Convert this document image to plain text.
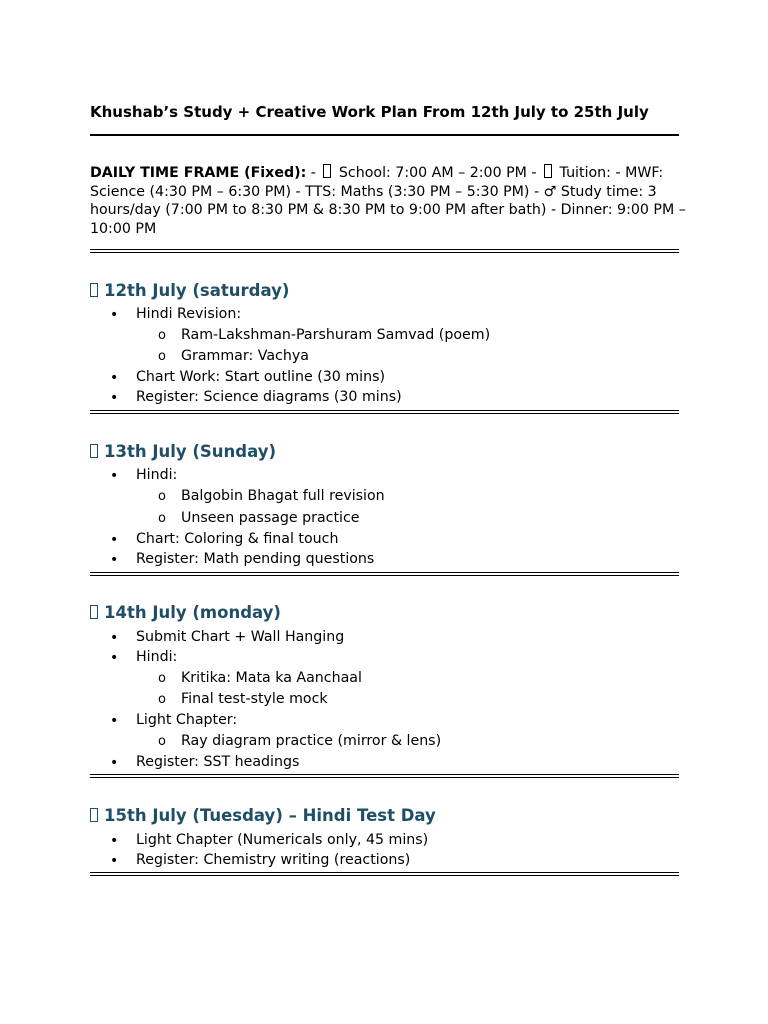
Khushab’s Study + Creative Work Plan From 12th July to 25th July
DAILY TIME FRAME (Fixed): -  School: 7:00 AM – 2:00 PM -  Tuition: - MWF: Science (4:30 PM – 6:30 PM) - TTS: Maths (3:30 PM – 5:30 PM) - ♂ Study time: 3 hours/day (7:00 PM to 8:30 PM & 8:30 PM to 9:00 PM after bath) - Dinner: 9:00 PM – 10:00 PM
12th July (saturday)
• Hindi Revision:
o Ram-Lakshman-Parshuram Samvad (poem)
o Grammar: Vachya
• Chart Work: Start outline (30 mins)
• Register: Science diagrams (30 mins)
13th July (Sunday)
• Hindi:
o Balgobin Bhagat full revision
o Unseen passage practice
• Chart: Coloring & final touch
• Register: Math pending questions
14th July (monday)
• Submit Chart + Wall Hanging
• Hindi:
o Kritika: Mata ka Aanchaal
o Final test-style mock
• Light Chapter:
o Ray diagram practice (mirror & lens)
• Register: SST headings
15th July (Tuesday) – Hindi Test Day
• Light Chapter (Numericals only, 45 mins)
• Register: Chemistry writing (reactions)
